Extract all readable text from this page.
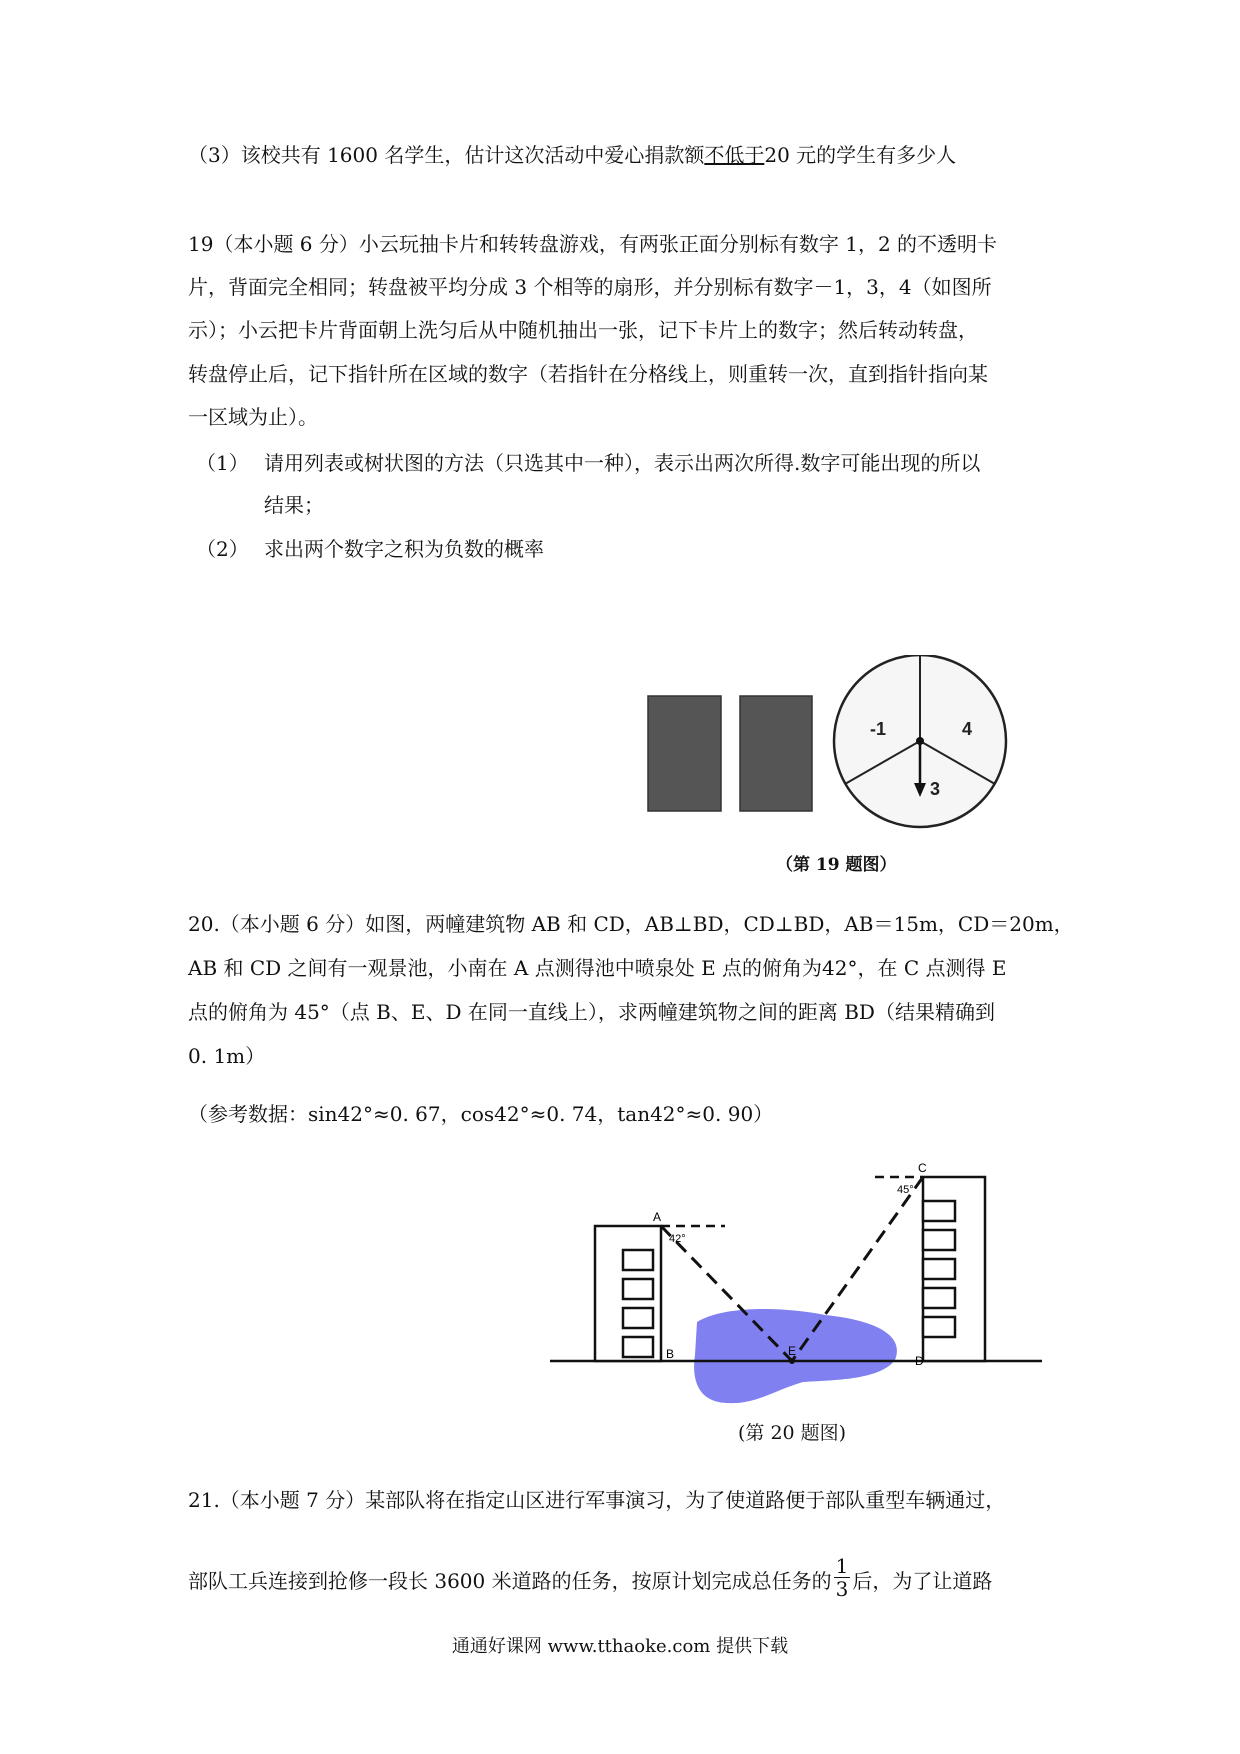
（3）该校共有 1600 名学生，估计这次活动中爱心捐款额不低于20 元的学生有多少人
19（本小题 6 分）小云玩抽卡片和转转盘游戏，有两张正面分别标有数字 1，2 的不透明卡
片，背面完全相同；转盘被平均分成 3 个相等的扇形，并分别标有数字－1，3，4（如图所
示）；小云把卡片背面朝上洗匀后从中随机抽出一张，记下卡片上的数字；然后转动转盘，
转盘停止后，记下指针所在区域的数字（若指针在分格线上，则重转一次，直到指针指向某
一区域为止）。
（1） 请用列表或树状图的方法（只选其中一种），表示出两次所得.数字可能出现的所以
结果；
（2） 求出两个数字之积为负数的概率
-1	4
3
（第 19 题图）
20.（本小题 6 分）如图，两幢建筑物 AB 和 CD，AB⊥BD，CD⊥BD，AB＝15m，CD＝20m，
AB 和 CD 之间有一观景池，小南在 A 点测得池中喷泉处 E 点的俯角为42°，在 C 点测得 E
点的俯角为 45°（点 B、E、D 在同一直线上），求两幢建筑物之间的距离 BD（结果精确到
0. 1m）
（参考数据：sin42°≈0. 67，cos42°≈0. 74，tan42°≈0. 90）
A
B
C
D
E
42°
45°
(第 20 题图)
21.（本小题 7 分）某部队将在指定山区进行军事演习，为了使道路便于部队重型车辆通过，
部队工兵连接到抢修一段长 3600 米道路的任务，按原计划完成总任务的 $\frac{1}{3}$ 后，为了让道路
通通好课网 www.tthaoke.com 提供下载
